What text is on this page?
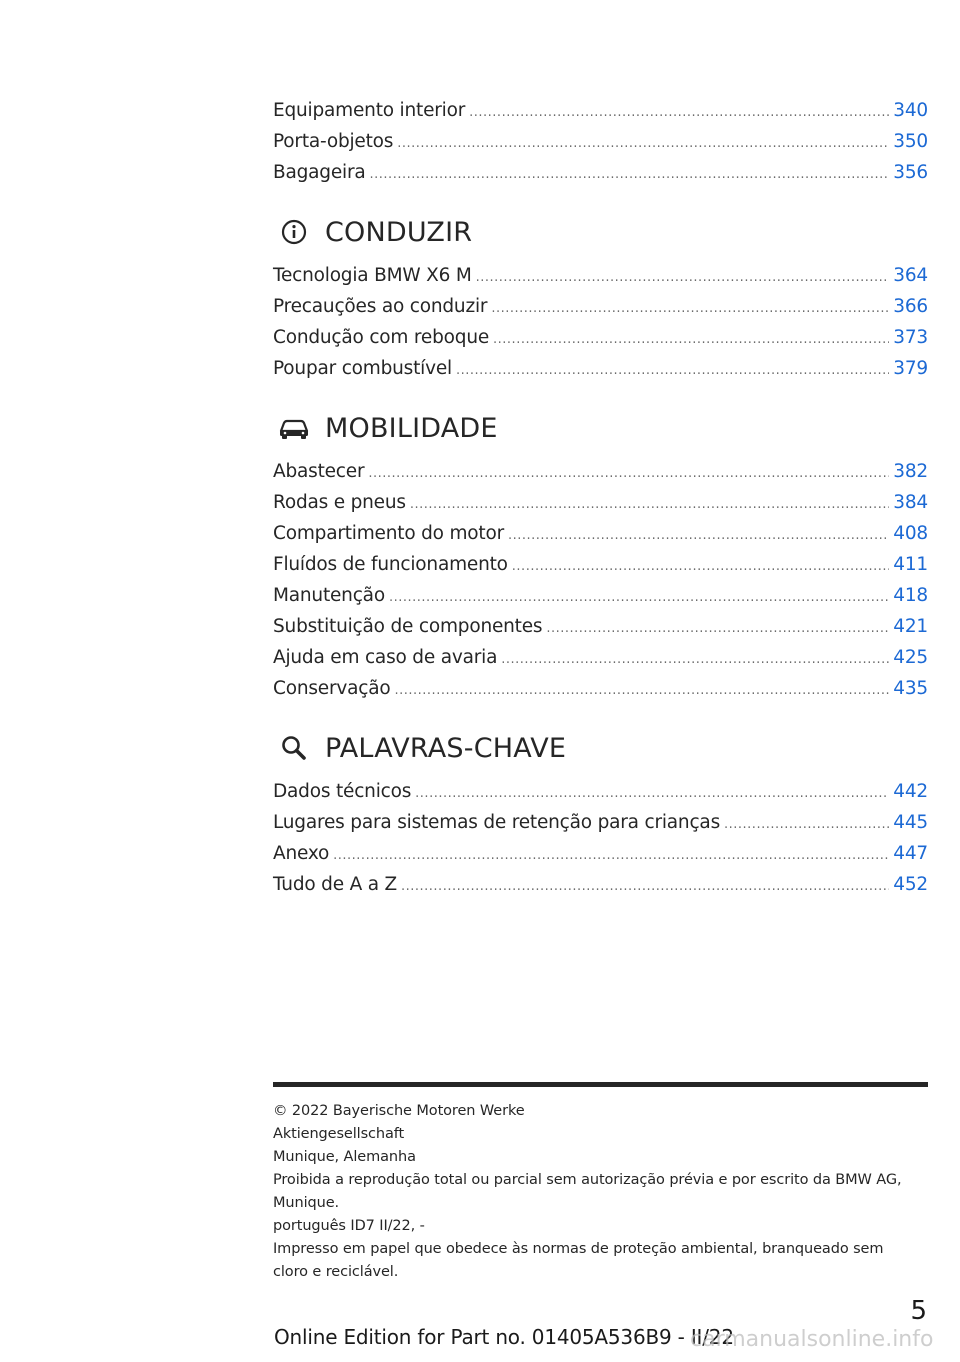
Equipamento interior .....	340
Porta-objetos .....	350
Bagageira .....	356
CONDUZIR
Tecnologia BMW X6 M .....	364
Precauções ao conduzir .....	366
Condução com reboque .....	373
Poupar combustível .....	379
MOBILIDADE
Abastecer .....	382
Rodas e pneus .....	384
Compartimento do motor .....	408
Fluídos de funcionamento .....	411
Manutenção .....	418
Substituição de componentes .....	421
Ajuda em caso de avaria .....	425
Conservação .....	435
PALAVRAS-CHAVE
Dados técnicos .....	442
Lugares para sistemas de retenção para crianças .....	445
Anexo .....	447
Tudo de A a Z .....	452
© 2022 Bayerische Motoren Werke
Aktiengesellschaft
Munique, Alemanha
Proibida a reprodução total ou parcial sem autorização prévia e por escrito da BMW AG,
Munique.
português ID7 II/22, -
Impresso em papel que obedece às normas de proteção ambiental, branqueado sem
cloro e reciclável.
5
Online Edition for Part no. 01405A536B9 - II/22
carmanualsonline.info
